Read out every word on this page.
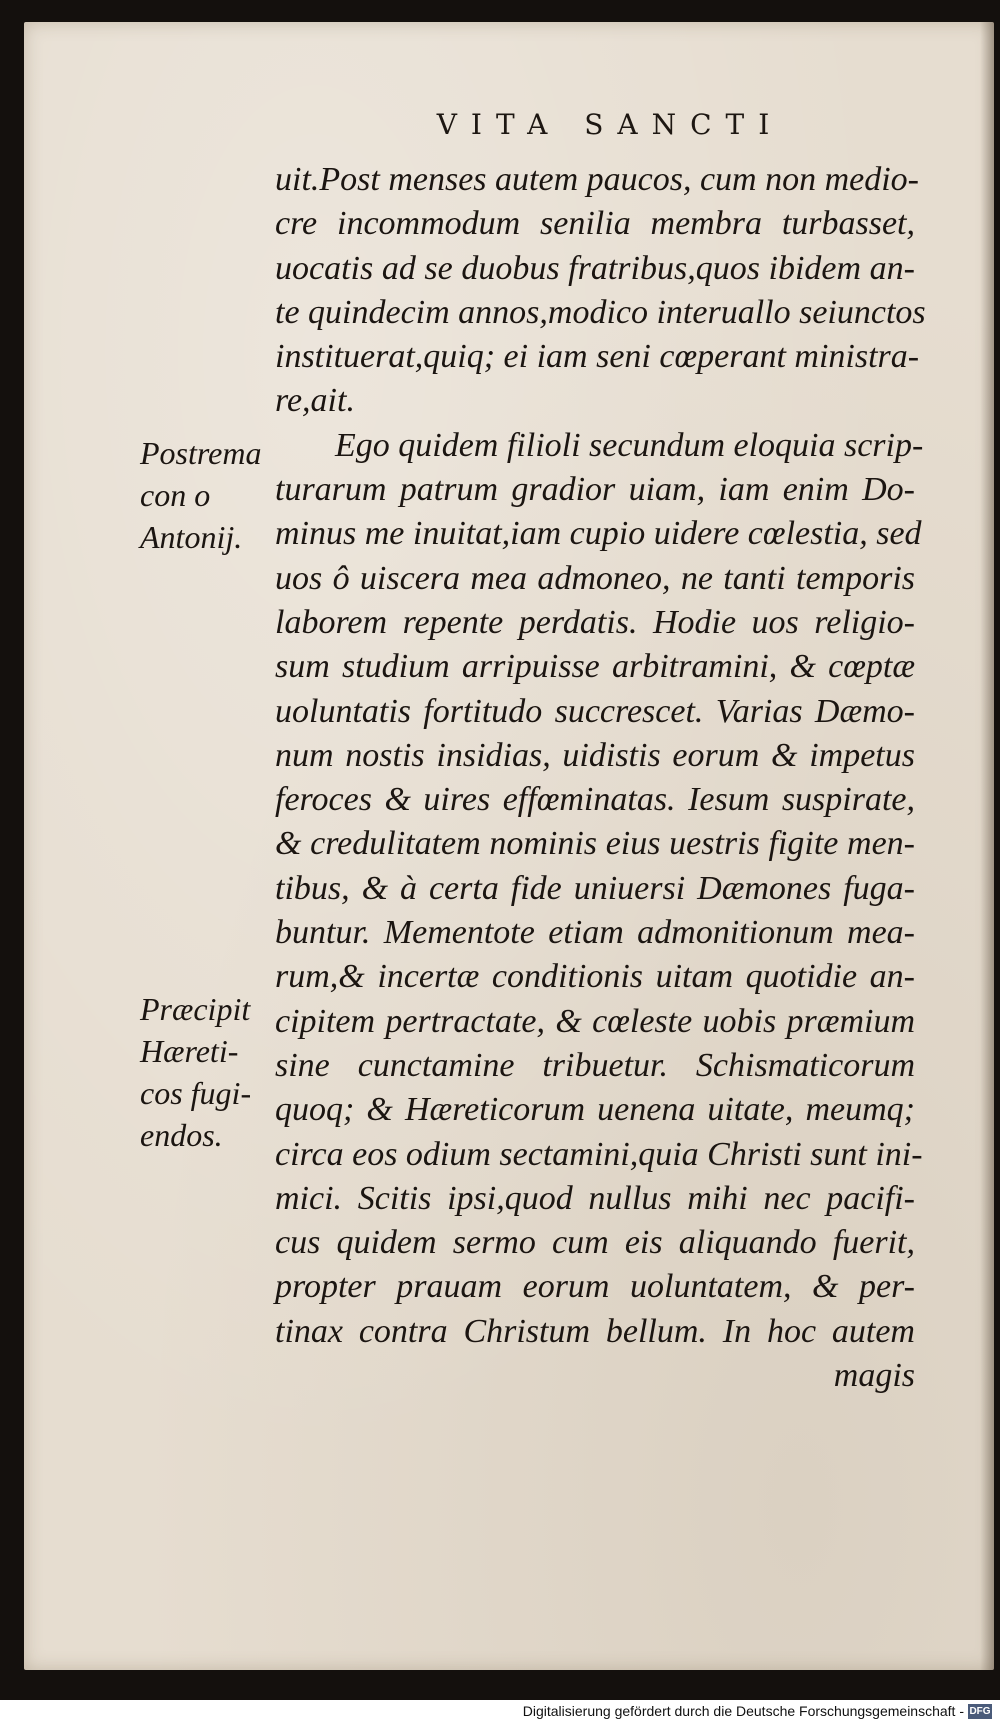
VITA SANCTI
uit.Post menses autem paucos, cum non medio-
cre incommodum senilia membra turbasset,
uocatis ad se duobus fratribus,quos ibidem an-
te quindecim annos,modico interuallo seiunctos
instituerat,quiq; ei iam seni cœperant ministra-
re,ait.
Ego quidem filioli secundum eloquia scrip-
turarum patrum gradior uiam, iam enim Do-
minus me inuitat,iam cupio uidere cœlestia, sed
uos ô uiscera mea admoneo, ne tanti temporis
laborem repente perdatis. Hodie uos religio-
sum studium arripuisse arbitramini, & cœptæ
uoluntatis fortitudo succrescet. Varias Dæmo-
num nostis insidias, uidistis eorum & impetus
feroces & uires effœminatas. Iesum suspirate,
& credulitatem nominis eius uestris figite men-
tibus, & à certa fide uniuersi Dæmones fuga-
buntur. Mementote etiam admonitionum mea-
rum,& incertæ conditionis uitam quotidie an-
cipitem pertractate, & cœleste uobis præmium
sine cunctamine tribuetur. Schismaticorum
quoq; & Hæreticorum uenena uitate, meumq;
circa eos odium sectamini,quia Christi sunt ini-
mici. Scitis ipsi,quod nullus mihi nec pacifi-
cus quidem sermo cum eis aliquando fuerit,
propter prauam eorum uoluntatem, & per-
tinax contra Christum bellum. In hoc autem
magis
Postrema
con o
Antonij.
Præcipit
Hæreti-
cos fugi-
endos.
Digitalisierung gefördert durch die Deutsche Forschungsgemeinschaft - DFG
